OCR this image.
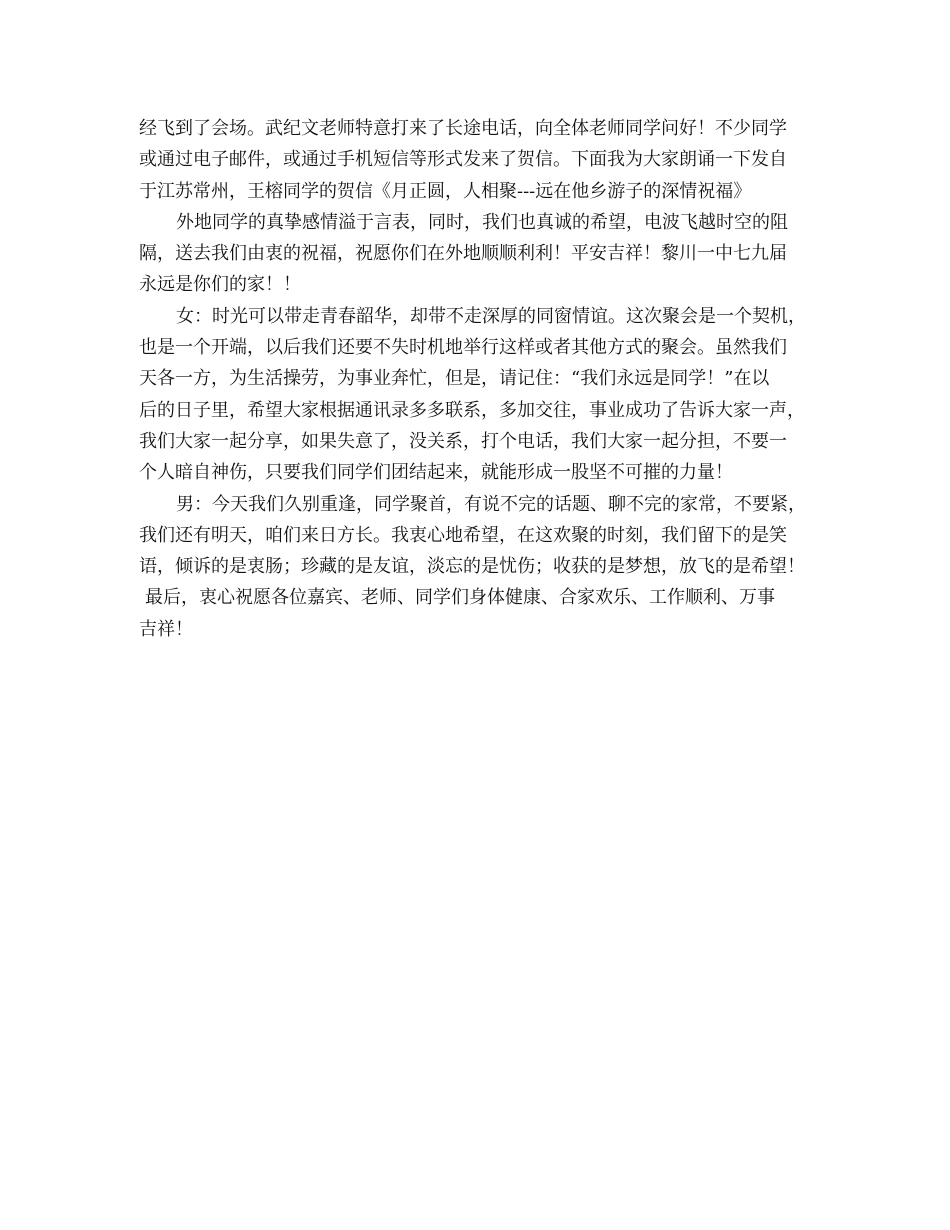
经飞到了会场。武纪文老师特意打来了长途电话，向全体老师同学问好！不少同学
或通过电子邮件，或通过手机短信等形式发来了贺信。下面我为大家朗诵一下发自
于江苏常州，王榕同学的贺信《月正圆，人相聚---远在他乡游子的深情祝福》
外地同学的真挚感情溢于言表，同时，我们也真诚的希望，电波飞越时空的阻
隔，送去我们由衷的祝福，祝愿你们在外地顺顺利利！平安吉祥！黎川一中七九届
永远是你们的家！！
女：时光可以带走青春韶华，却带不走深厚的同窗情谊。这次聚会是一个契机，
也是一个开端，以后我们还要不失时机地举行这样或者其他方式的聚会。虽然我们
天各一方，为生活操劳，为事业奔忙，但是，请记住：“我们永远是同学！”在以
后的日子里，希望大家根据通讯录多多联系，多加交往，事业成功了告诉大家一声，
我们大家一起分享，如果失意了，没关系，打个电话，我们大家一起分担，不要一
个人暗自神伤，只要我们同学们团结起来，就能形成一股坚不可摧的力量！
男：今天我们久别重逢，同学聚首，有说不完的话题、聊不完的家常，不要紧，
我们还有明天，咱们来日方长。我衷心地希望，在这欢聚的时刻，我们留下的是笑
语，倾诉的是衷肠；珍藏的是友谊，淡忘的是忧伤；收获的是梦想，放飞的是希望！
最后，衷心祝愿各位嘉宾、老师、同学们身体健康、合家欢乐、工作顺利、万事
吉祥！
